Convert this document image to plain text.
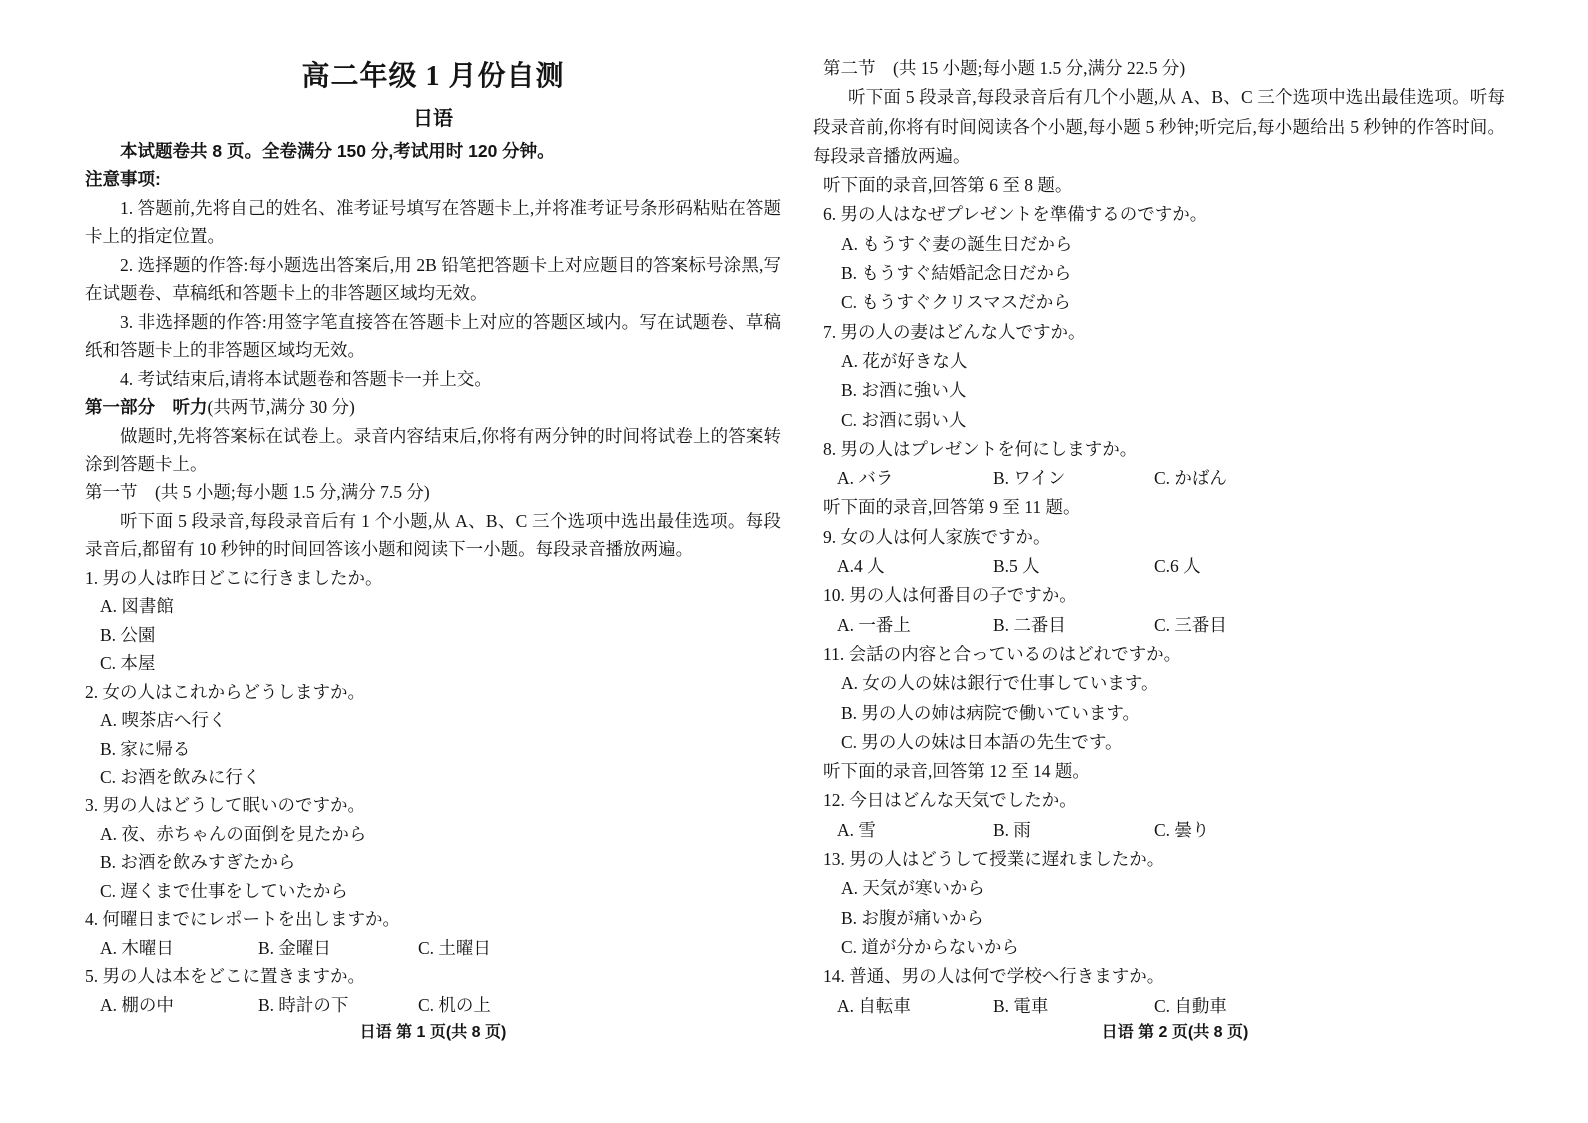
高二年级 1 月份自测
日语

本试题卷共 8 页。全卷满分 150 分,考试用时 120 分钟。

注意事项:

1. 答题前,先将自己的姓名、准考证号填写在答题卡上,并将准考证号条形码粘贴在答题卡上的指定位置。

2. 选择题的作答:每小题选出答案后,用 2B 铅笔把答题卡上对应题目的答案标号涂黑,写在试题卷、草稿纸和答题卡上的非答题区域均无效。

3. 非选择题的作答:用签字笔直接答在答题卡上对应的答题区域内。写在试题卷、草稿纸和答题卡上的非答题区域均无效。

4. 考试结束后,请将本试题卷和答题卡一并上交。

第一部分　听力(共两节,满分 30 分)

做题时,先将答案标在试卷上。录音内容结束后,你将有两分钟的时间将试卷上的答案转涂到答题卡上。

第一节　(共 5 小题;每小题 1.5 分,满分 7.5 分)

听下面 5 段录音,每段录音后有 1 个小题,从 A、B、C 三个选项中选出最佳选项。每段录音后,都留有 10 秒钟的时间回答该小题和阅读下一小题。每段录音播放两遍。

1. 男の人は昨日どこに行きましたか。

A. 図書館

B. 公園

C. 本屋

2. 女の人はこれからどうしますか。

A. 喫茶店へ行く

B. 家に帰る

C. お酒を飲みに行く

3. 男の人はどうして眠いのですか。

A. 夜、赤ちゃんの面倒を見たから

B. お酒を飲みすぎたから

C. 遅くまで仕事をしていたから

4. 何曜日までにレポートを出しますか。

A. 木曜日	B. 金曜日	C. 土曜日

5. 男の人は本をどこに置きますか。

A. 棚の中	B. 時計の下	C. 机の上
日语 第 1 页(共 8 页)

第二节　(共 15 小题;每小题 1.5 分,满分 22.5 分)

听下面 5 段录音,每段录音后有几个小题,从 A、B、C 三个选项中选出最佳选项。听每段录音前,你将有时间阅读各个小题,每小题 5 秒钟;听完后,每小题给出 5 秒钟的作答时间。每段录音播放两遍。

听下面的录音,回答第 6 至 8 题。

6. 男の人はなぜプレゼントを準備するのですか。

A. もうすぐ妻の誕生日だから

B. もうすぐ結婚記念日だから

C. もうすぐクリスマスだから

7. 男の人の妻はどんな人ですか。

A. 花が好きな人

B. お酒に強い人

C. お酒に弱い人

8. 男の人はプレゼントを何にしますか。

A. バラ	B. ワイン	C. かばん

听下面的录音,回答第 9 至 11 题。

9. 女の人は何人家族ですか。

A.4 人	B.5 人	C.6 人

10. 男の人は何番目の子ですか。

A. 一番上	B. 二番目	C. 三番目

11. 会話の内容と合っているのはどれですか。

A. 女の人の妹は銀行で仕事しています。

B. 男の人の姉は病院で働いています。

C. 男の人の妹は日本語の先生です。

听下面的录音,回答第 12 至 14 题。

12. 今日はどんな天気でしたか。

A. 雪	B. 雨	C. 曇り

13. 男の人はどうして授業に遅れましたか。

A. 天気が寒いから

B. お腹が痛いから

C. 道が分からないから

14. 普通、男の人は何で学校へ行きますか。

A. 自転車	B. 電車	C. 自動車
日语 第 2 页(共 8 页)
